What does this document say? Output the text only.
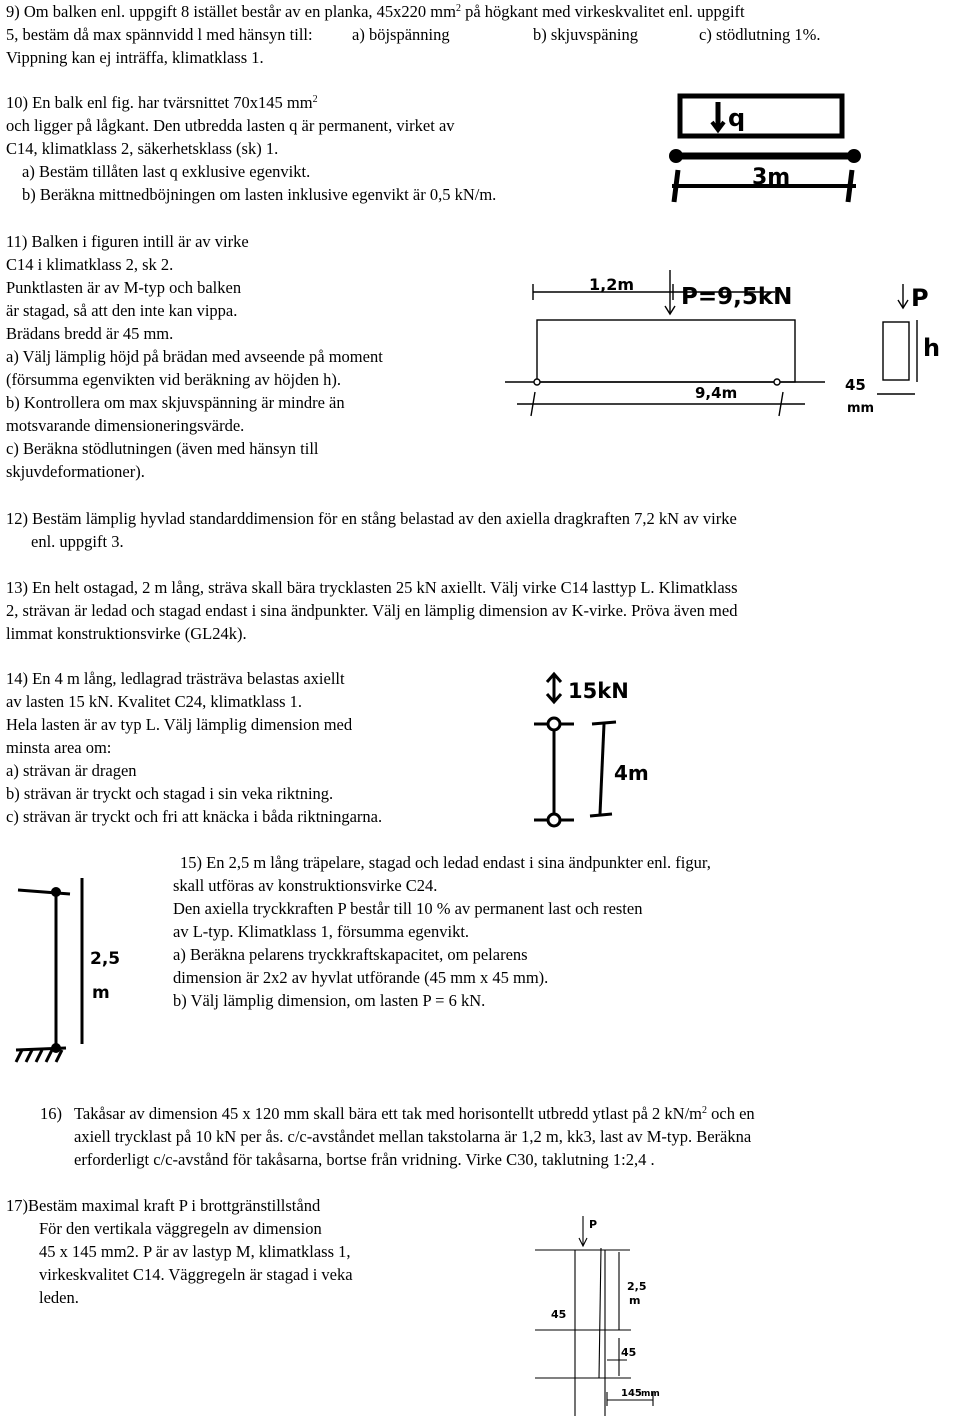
9) Om balken enl. uppgift 8 istället består av en planka, 45x220 $mm^2$ på högkant med virkeskvalitet enl. uppgift

5, bestäm då max spännvidd l med hänsyn till: a) böjspänning	b) skjuvspäning	c) stödlutning 1%.

Vippning kan ej inträffa, klimatklass 1.

10) En balk enl fig. har tvärsnittet 70x145 $mm^2$

och ligger på lågkant. Den utbredda lasten q är permanent, virket av

C14, klimatklass 2, säkerhetsklass (sk) 1.

a) Bestäm tillåten last q exklusive egenvikt.

b) Beräkna mittnedböjningen om lasten inklusive egenvikt är 0,5 kN/m.

q
3m

11) Balken i figuren intill är av virke

C14 i klimatklass 2, sk 2.

Punktlasten är av M-typ och balken

är stagad, så att den inte kan vippa.

Brädans bredd är 45 mm.

a) Välj lämplig höjd på brädan med avseende på moment

(försumma egenvikten vid beräkning av höjden h).

b) Kontrollera om max skjuvspänning är mindre än

motsvarande dimensioneringsvärde.

c) Beräkna stödlutningen (även med hänsyn till

skjuvdeformationer).

1,2m P=9,5kN
9,4m
P
h
45
mm

12) Bestäm lämplig hyvlad standarddimension för en stång belastad av den axiella dragkraften 7,2 kN av virke

enl. uppgift 3.

13) En helt ostagad, 2 m lång, sträva skall bära trycklasten 25 kN axiellt. Välj virke C14 lasttyp L. Klimatklass

2, strävan är ledad och stagad endast i sina ändpunkter. Välj en lämplig dimension av K-virke. Pröva även med

limmat konstruktionsvirke (GL24k).

14) En 4 m lång, ledlagrad trästräva belastas axiellt

av lasten 15 kN. Kvalitet C24, klimatklass 1.

Hela lasten är av typ L. Välj lämplig dimension med

minsta area om:

a) strävan är dragen

b) strävan är tryckt och stagad i sin veka riktning.

c) strävan är tryckt och fri att knäcka i båda riktningarna.

15kN
4m

15) En 2,5 m lång träpelare, stagad och ledad endast i sina ändpunkter enl. figur,

skall utföras av konstruktionsvirke C24.

Den axiella tryckkraften P består till 10 % av permanent last och resten

av L-typ. Klimatklass 1, försumma egenvikt.

a) Beräkna pelarens tryckkraftskapacitet, om pelarens

dimension är 2x2 av hyvlat utförande (45 mm x 45 mm).

b) Välj lämplig dimension, om lasten P = 6 kN.

2,5
m

16) Takåsar av dimension 45 x 120 mm skall bära ett tak med horisontellt utbredd ytlast på 2 $kN/m^2$ och en

axiell trycklast på 10 kN per ås. c/c-avståndet mellan takstolarna är 1,2 m, kk3, last av M-typ. Beräkna

erforderligt c/c-avstånd för takåsarna, bortse från vridning. Virke C30, taklutning 1:2,4 .

17)Bestäm maximal kraft P i brottgränstillstånd

För den vertikala väggregeln av dimension

45 x 145 mm2. P är av lastyp M, klimatklass 1,

virkeskvalitet C14. Väggregeln är stagad i veka

leden.

P
2,5
m
45
45
145 mm
